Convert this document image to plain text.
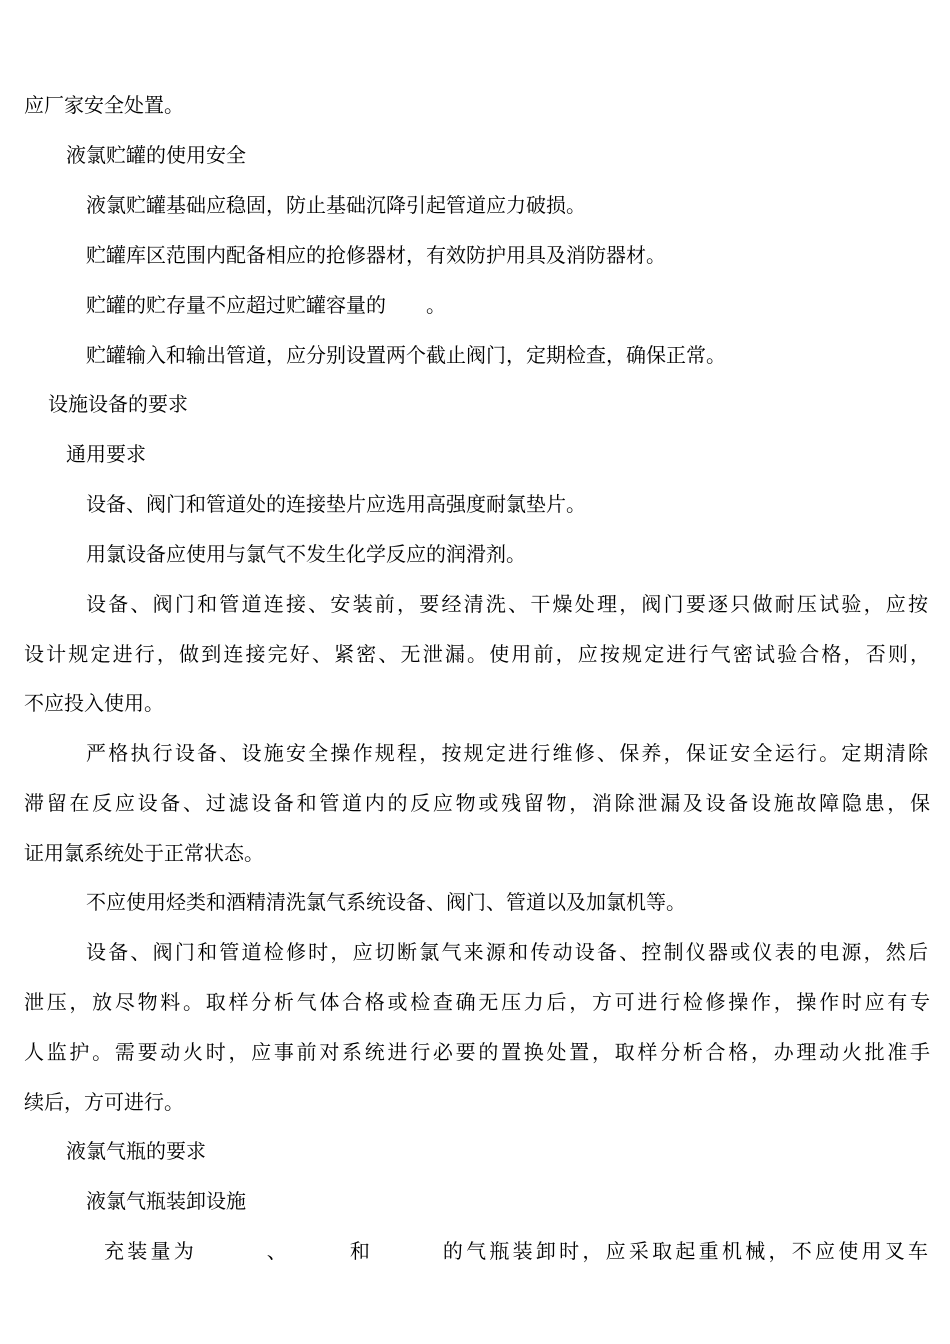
应厂家安全处置。
液氯贮罐的使用安全
液氯贮罐基础应稳固，防止基础沉降引起管道应力破损。
贮罐库区范围内配备相应的抢修器材，有效防护用具及消防器材。
贮罐的贮存量不应超过贮罐容量的　　。
贮罐输入和输出管道，应分别设置两个截止阀门，定期检查，确保正常。
设施设备的要求
通用要求
设备、阀门和管道处的连接垫片应选用高强度耐氯垫片。
用氯设备应使用与氯气不发生化学反应的润滑剂。
设备、阀门和管道连接、安装前，要经清洗、干燥处理，阀门要逐只做耐压试验，应按
设计规定进行，做到连接完好、紧密、无泄漏。使用前，应按规定进行气密试验合格，否则，
不应投入使用。
严格执行设备、设施安全操作规程，按规定进行维修、保养，保证安全运行。定期清除
滞留在反应设备、过滤设备和管道内的反应物或残留物，消除泄漏及设备设施故障隐患，保
证用氯系统处于正常状态。
不应使用烃类和酒精清洗氯气系统设备、阀门、管道以及加氯机等。
设备、阀门和管道检修时，应切断氯气来源和传动设备、控制仪器或仪表的电源，然后
泄压，放尽物料。取样分析气体合格或检查确无压力后，方可进行检修操作，操作时应有专
人监护。需要动火时，应事前对系统进行必要的置换处置，取样分析合格，办理动火批准手
续后，方可进行。
液氯气瓶的要求
液氯气瓶装卸设施
充装量为　　　、　　　和　　　的气瓶装卸时，应采取起重机械，不应使用叉车
